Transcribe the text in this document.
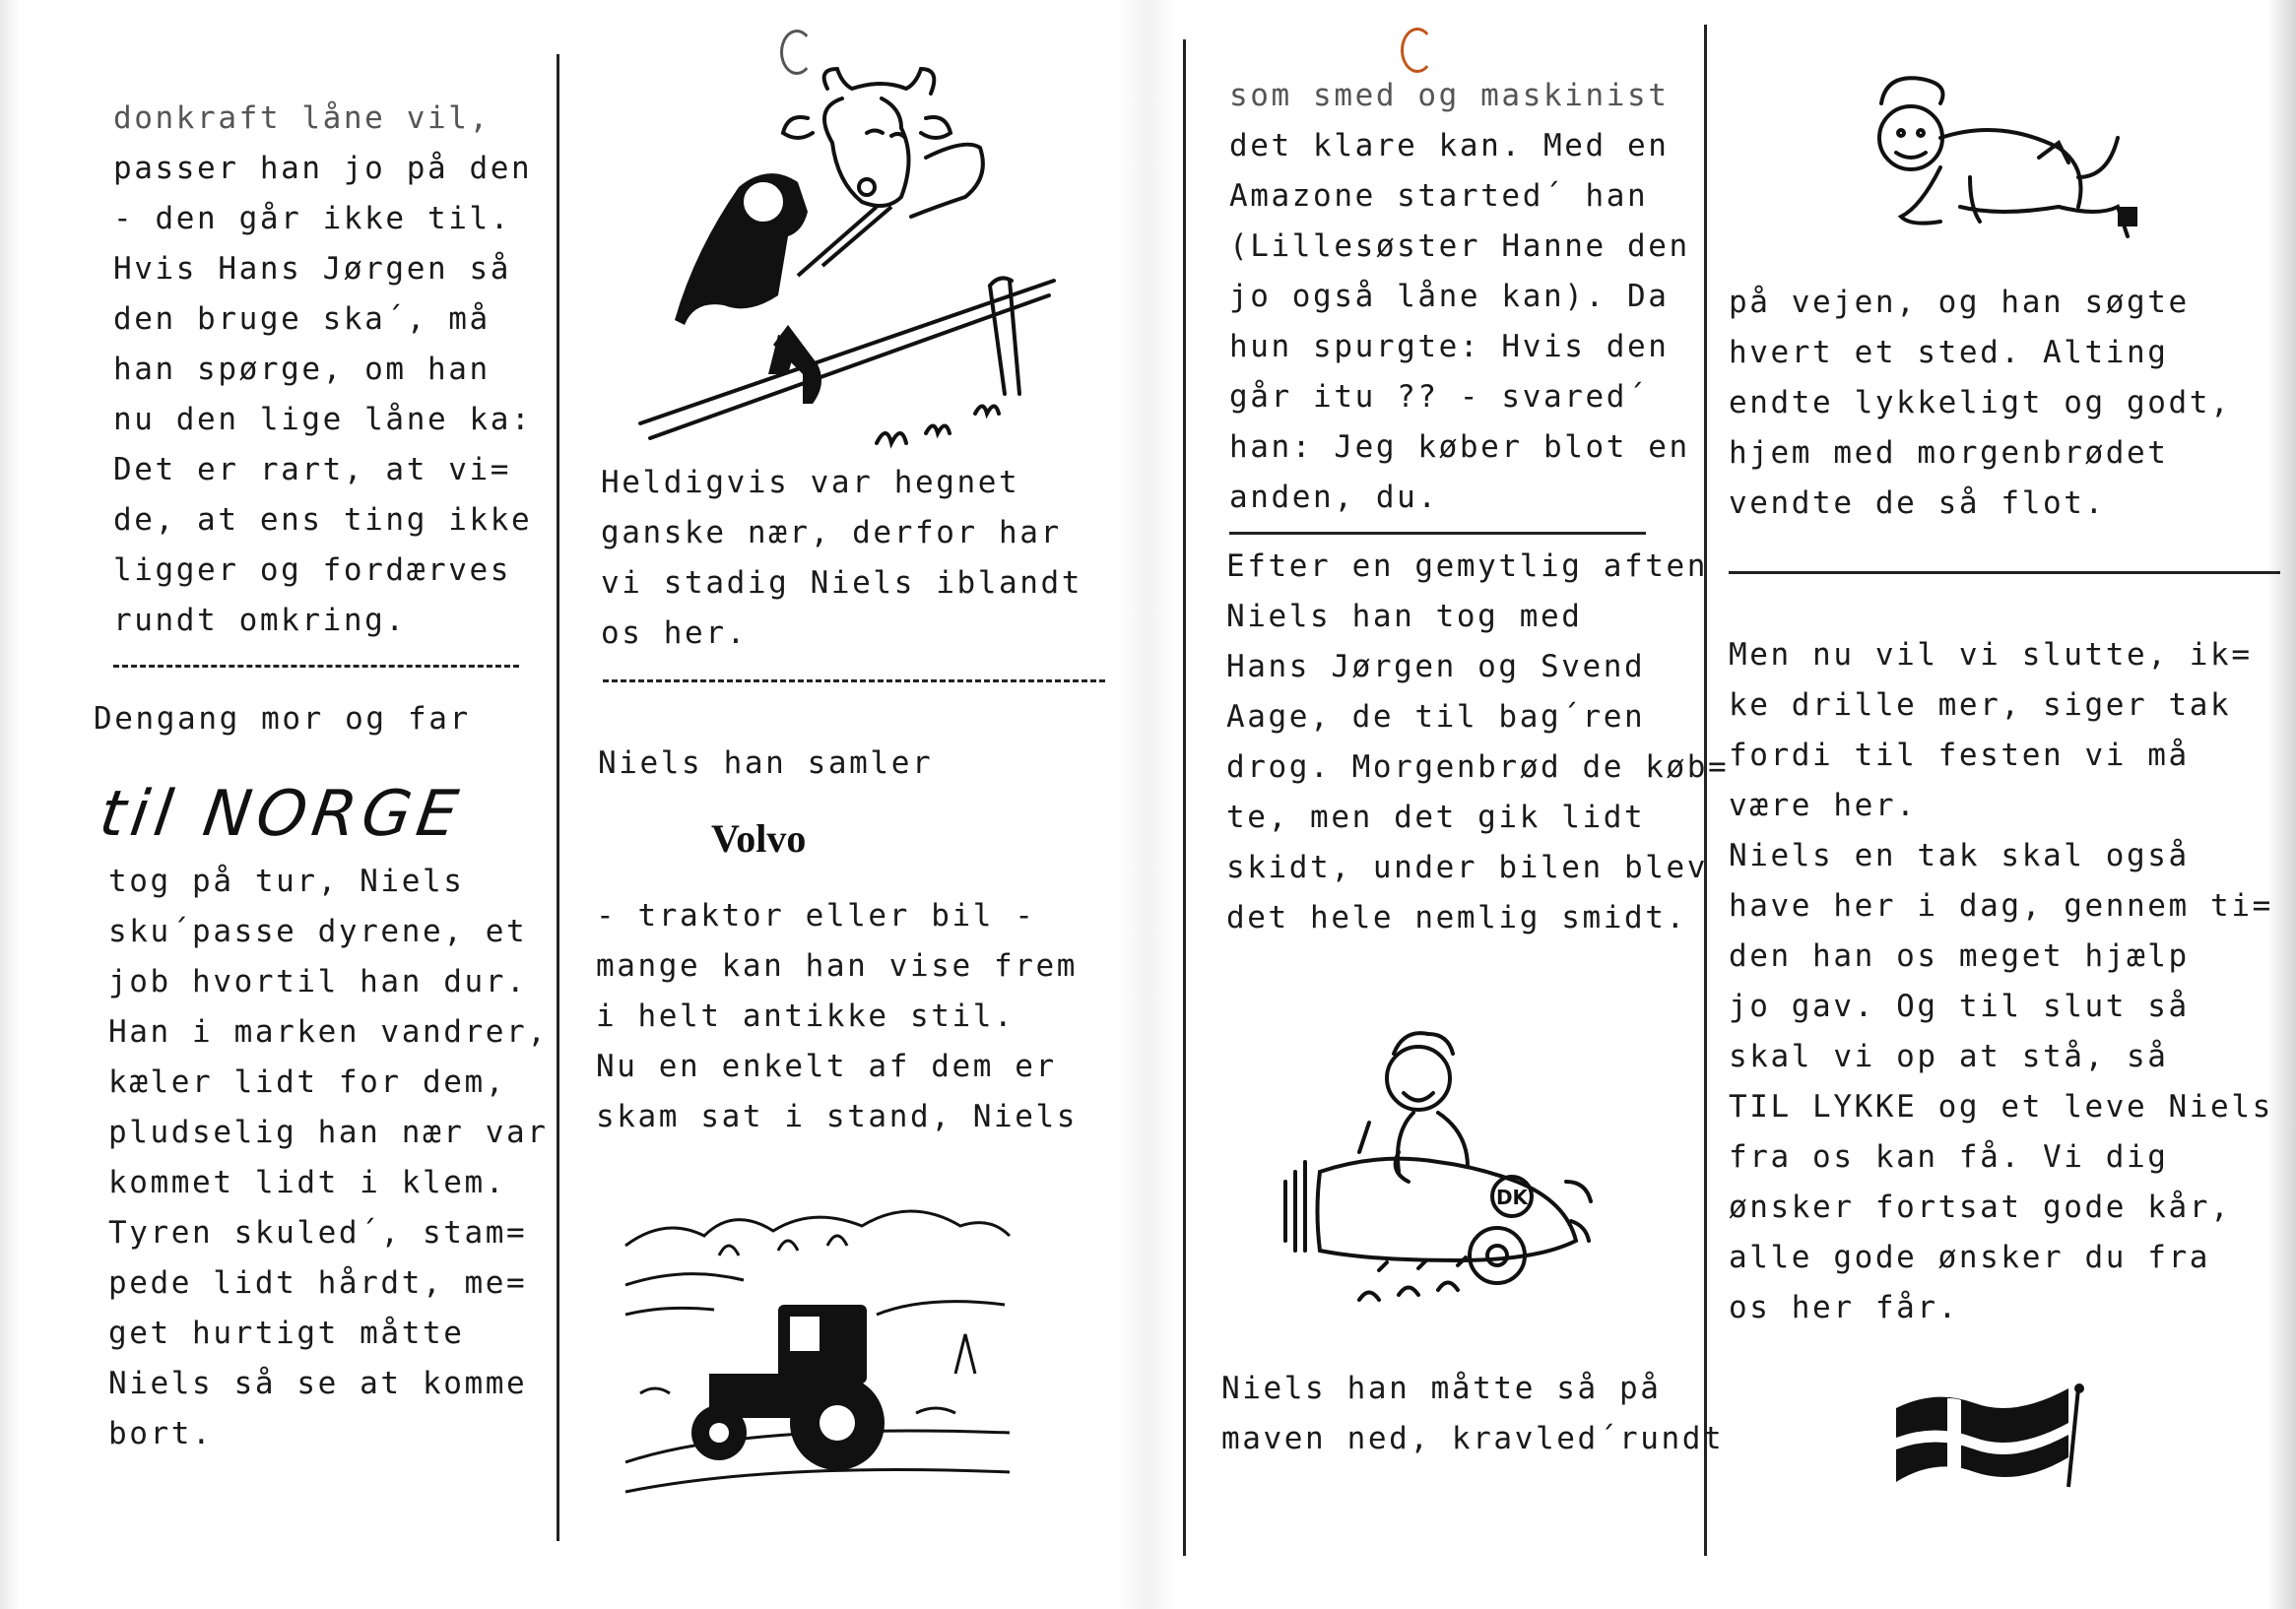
donkraft låne vil,
passer han jo på den
- den går ikke til.
Hvis Hans Jørgen så
den bruge ska´, må
han spørge, om han
nu den lige låne ka:
Det er rart, at vi=
de, at ens ting ikke
ligger og fordærves
rundt omkring.

Dengang mor og far

til NORGE

tog på tur, Niels
sku´passe dyrene, et
job hvortil han dur.
Han i marken vandrer,
kæler lidt for dem,
pludselig han nær var
kommet lidt i klem.
Tyren skuled´, stam=
pede lidt hårdt, me=
get hurtigt måtte
Niels så se at komme
bort.

Heldigvis var hegnet
ganske nær, derfor har
vi stadig Niels iblandt
os her.

Niels han samler

Volvo

- traktor eller bil -
mange kan han vise frem
i helt antikke stil.
Nu en enkelt af dem er
skam sat i stand, Niels

som smed og maskinist
det klare kan. Med en
Amazone started´ han
(Lillesøster Hanne den
jo også låne kan). Da
hun spurgte: Hvis den
går itu ?? - svared´
han: Jeg køber blot en
anden, du.

Efter en gemytlig aften
Niels han tog med
Hans Jørgen og Svend
Aage, de til bag´ren
drog. Morgenbrød de køb=
te, men det gik lidt
skidt, under bilen blev
det hele nemlig smidt.

DK

Niels han måtte så på
maven ned, kravled´rundt

på vejen, og han søgte
hvert et sted. Alting
endte lykkeligt og godt,
hjem med morgenbrødet
vendte de så flot.

Men nu vil vi slutte, ik=
ke drille mer, siger tak
fordi til festen vi må
være her.
Niels en tak skal også
have her i dag, gennem ti=
den han os meget hjælp
jo gav. Og til slut så
skal vi op at stå, så
TIL LYKKE og et leve Niels
fra os kan få. Vi dig
ønsker fortsat gode kår,
alle gode ønsker du fra
os her får.
